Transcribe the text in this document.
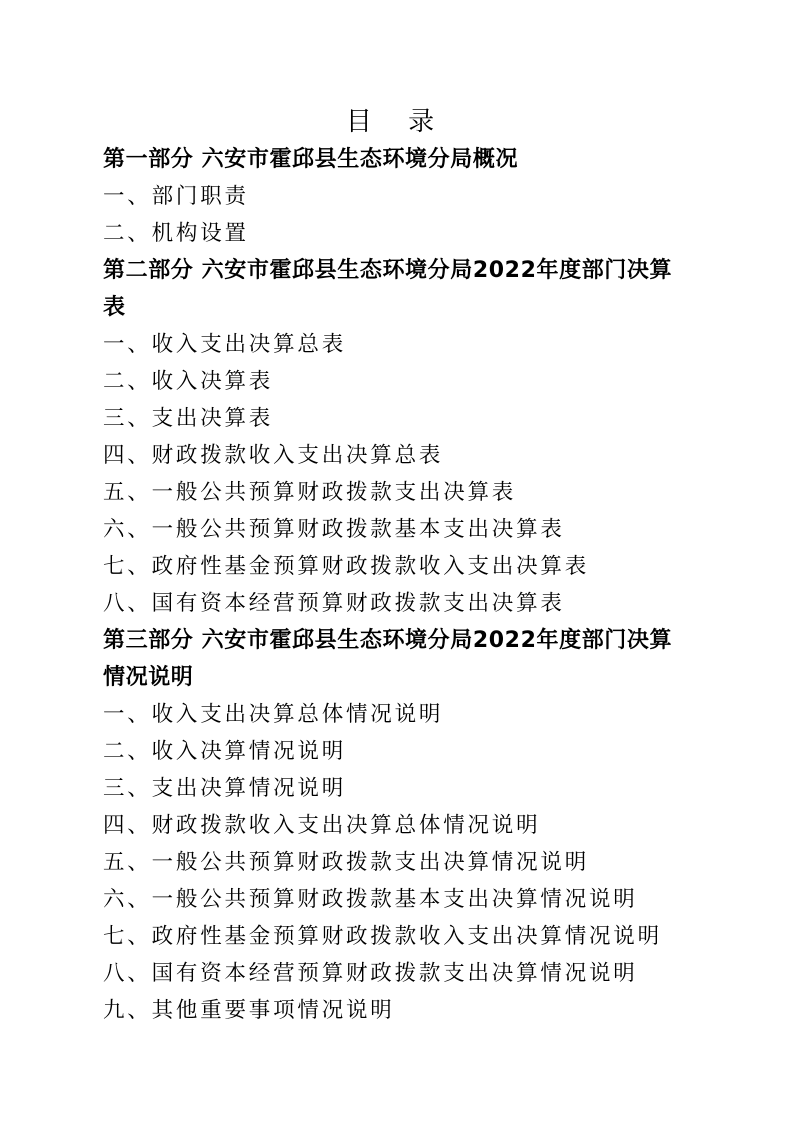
目 录
第一部分 六安市霍邱县生态环境分局概况
一、部门职责
二、机构设置
第二部分 六安市霍邱县生态环境分局2022年度部门决算
表
一、收入支出决算总表
二、收入决算表
三、支出决算表
四、财政拨款收入支出决算总表
五、一般公共预算财政拨款支出决算表
六、一般公共预算财政拨款基本支出决算表
七、政府性基金预算财政拨款收入支出决算表
八、国有资本经营预算财政拨款支出决算表
第三部分 六安市霍邱县生态环境分局2022年度部门决算
情况说明
一、收入支出决算总体情况说明
二、收入决算情况说明
三、支出决算情况说明
四、财政拨款收入支出决算总体情况说明
五、一般公共预算财政拨款支出决算情况说明
六、一般公共预算财政拨款基本支出决算情况说明
七、政府性基金预算财政拨款收入支出决算情况说明
八、国有资本经营预算财政拨款支出决算情况说明
九、其他重要事项情况说明
